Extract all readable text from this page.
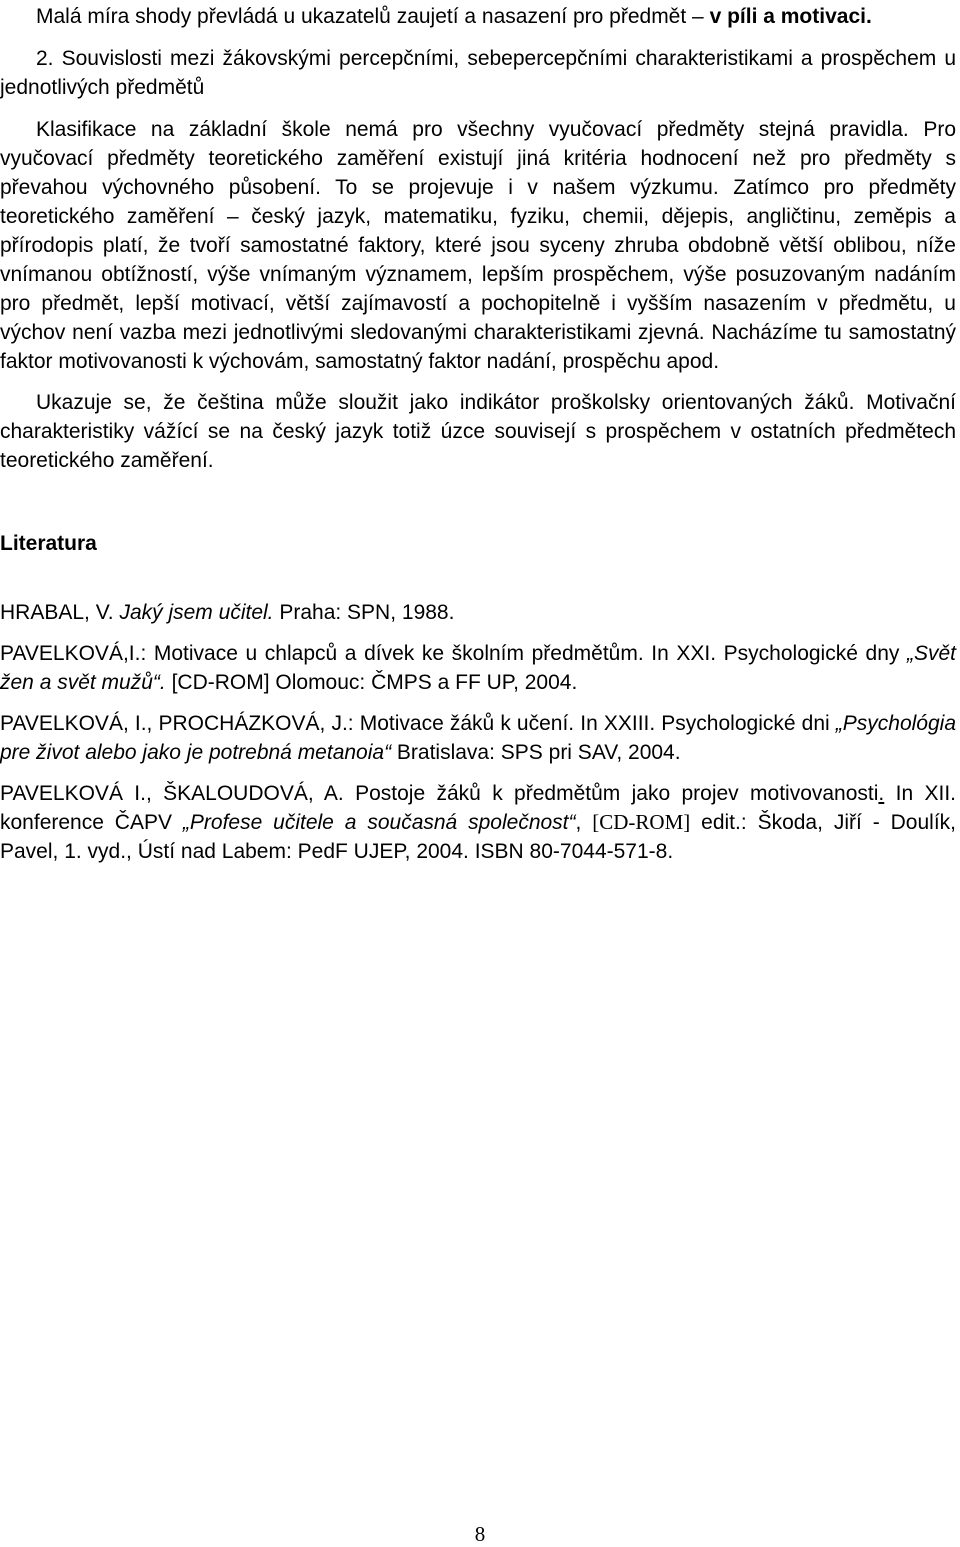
Malá míra shody převládá u ukazatelů zaujetí a nasazení pro předmět – v píli a motivaci.

2. Souvislosti mezi žákovskými percepčními, sebepercepčními charakteristikami a prospěchem u jednotlivých předmětů

Klasifikace na základní škole nemá pro všechny vyučovací předměty stejná pravidla. Pro vyučovací předměty teoretického zaměření existují jiná kritéria hodnocení než pro předměty s převahou výchovného působení. To se projevuje i v našem výzkumu. Zatímco pro předměty teoretického zaměření – český jazyk, matematiku, fyziku, chemii, dějepis, angličtinu, zeměpis a přírodopis platí, že tvoří samostatné faktory, které jsou syceny zhruba obdobně větší oblibou, níže vnímanou obtížností, výše vnímaným významem, lepším prospěchem, výše posuzovaným nadáním pro předmět, lepší motivací, větší zajímavostí a pochopitelně i vyšším nasazením v předmětu, u výchov není vazba mezi jednotlivými sledovanými charakteristikami zjevná. Nacházíme tu samostatný faktor motivovanosti k výchovám, samostatný faktor nadání, prospěchu apod.

Ukazuje se, že čeština může sloužit jako indikátor proškolsky orientovaných žáků. Motivační charakteristiky vážící se na český jazyk totiž úzce souvisejí s prospěchem v ostatních předmětech teoretického zaměření.

Literatura

HRABAL, V. Jaký jsem učitel. Praha: SPN, 1988.

PAVELKOVÁ,I.: Motivace u chlapců a dívek ke školním předmětům. In XXI. Psychologické dny „Svět žen a svět mužů“. [CD-ROM] Olomouc: ČMPS a FF UP, 2004.

PAVELKOVÁ, I., PROCHÁZKOVÁ, J.: Motivace žáků k učení. In XXIII. Psychologické dni „Psychológia pre život alebo jako je potrebná metanoia“ Bratislava: SPS pri SAV, 2004.

PAVELKOVÁ I., ŠKALOUDOVÁ, A. Postoje žáků k předmětům jako projev motivovanosti. In XII. konference ČAPV „Profese učitele a současná společnost“, [CD-ROM] edit.: Škoda, Jiří - Doulík, Pavel, 1. vyd., Ústí nad Labem: PedF UJEP, 2004. ISBN 80-7044-571-8.

8
